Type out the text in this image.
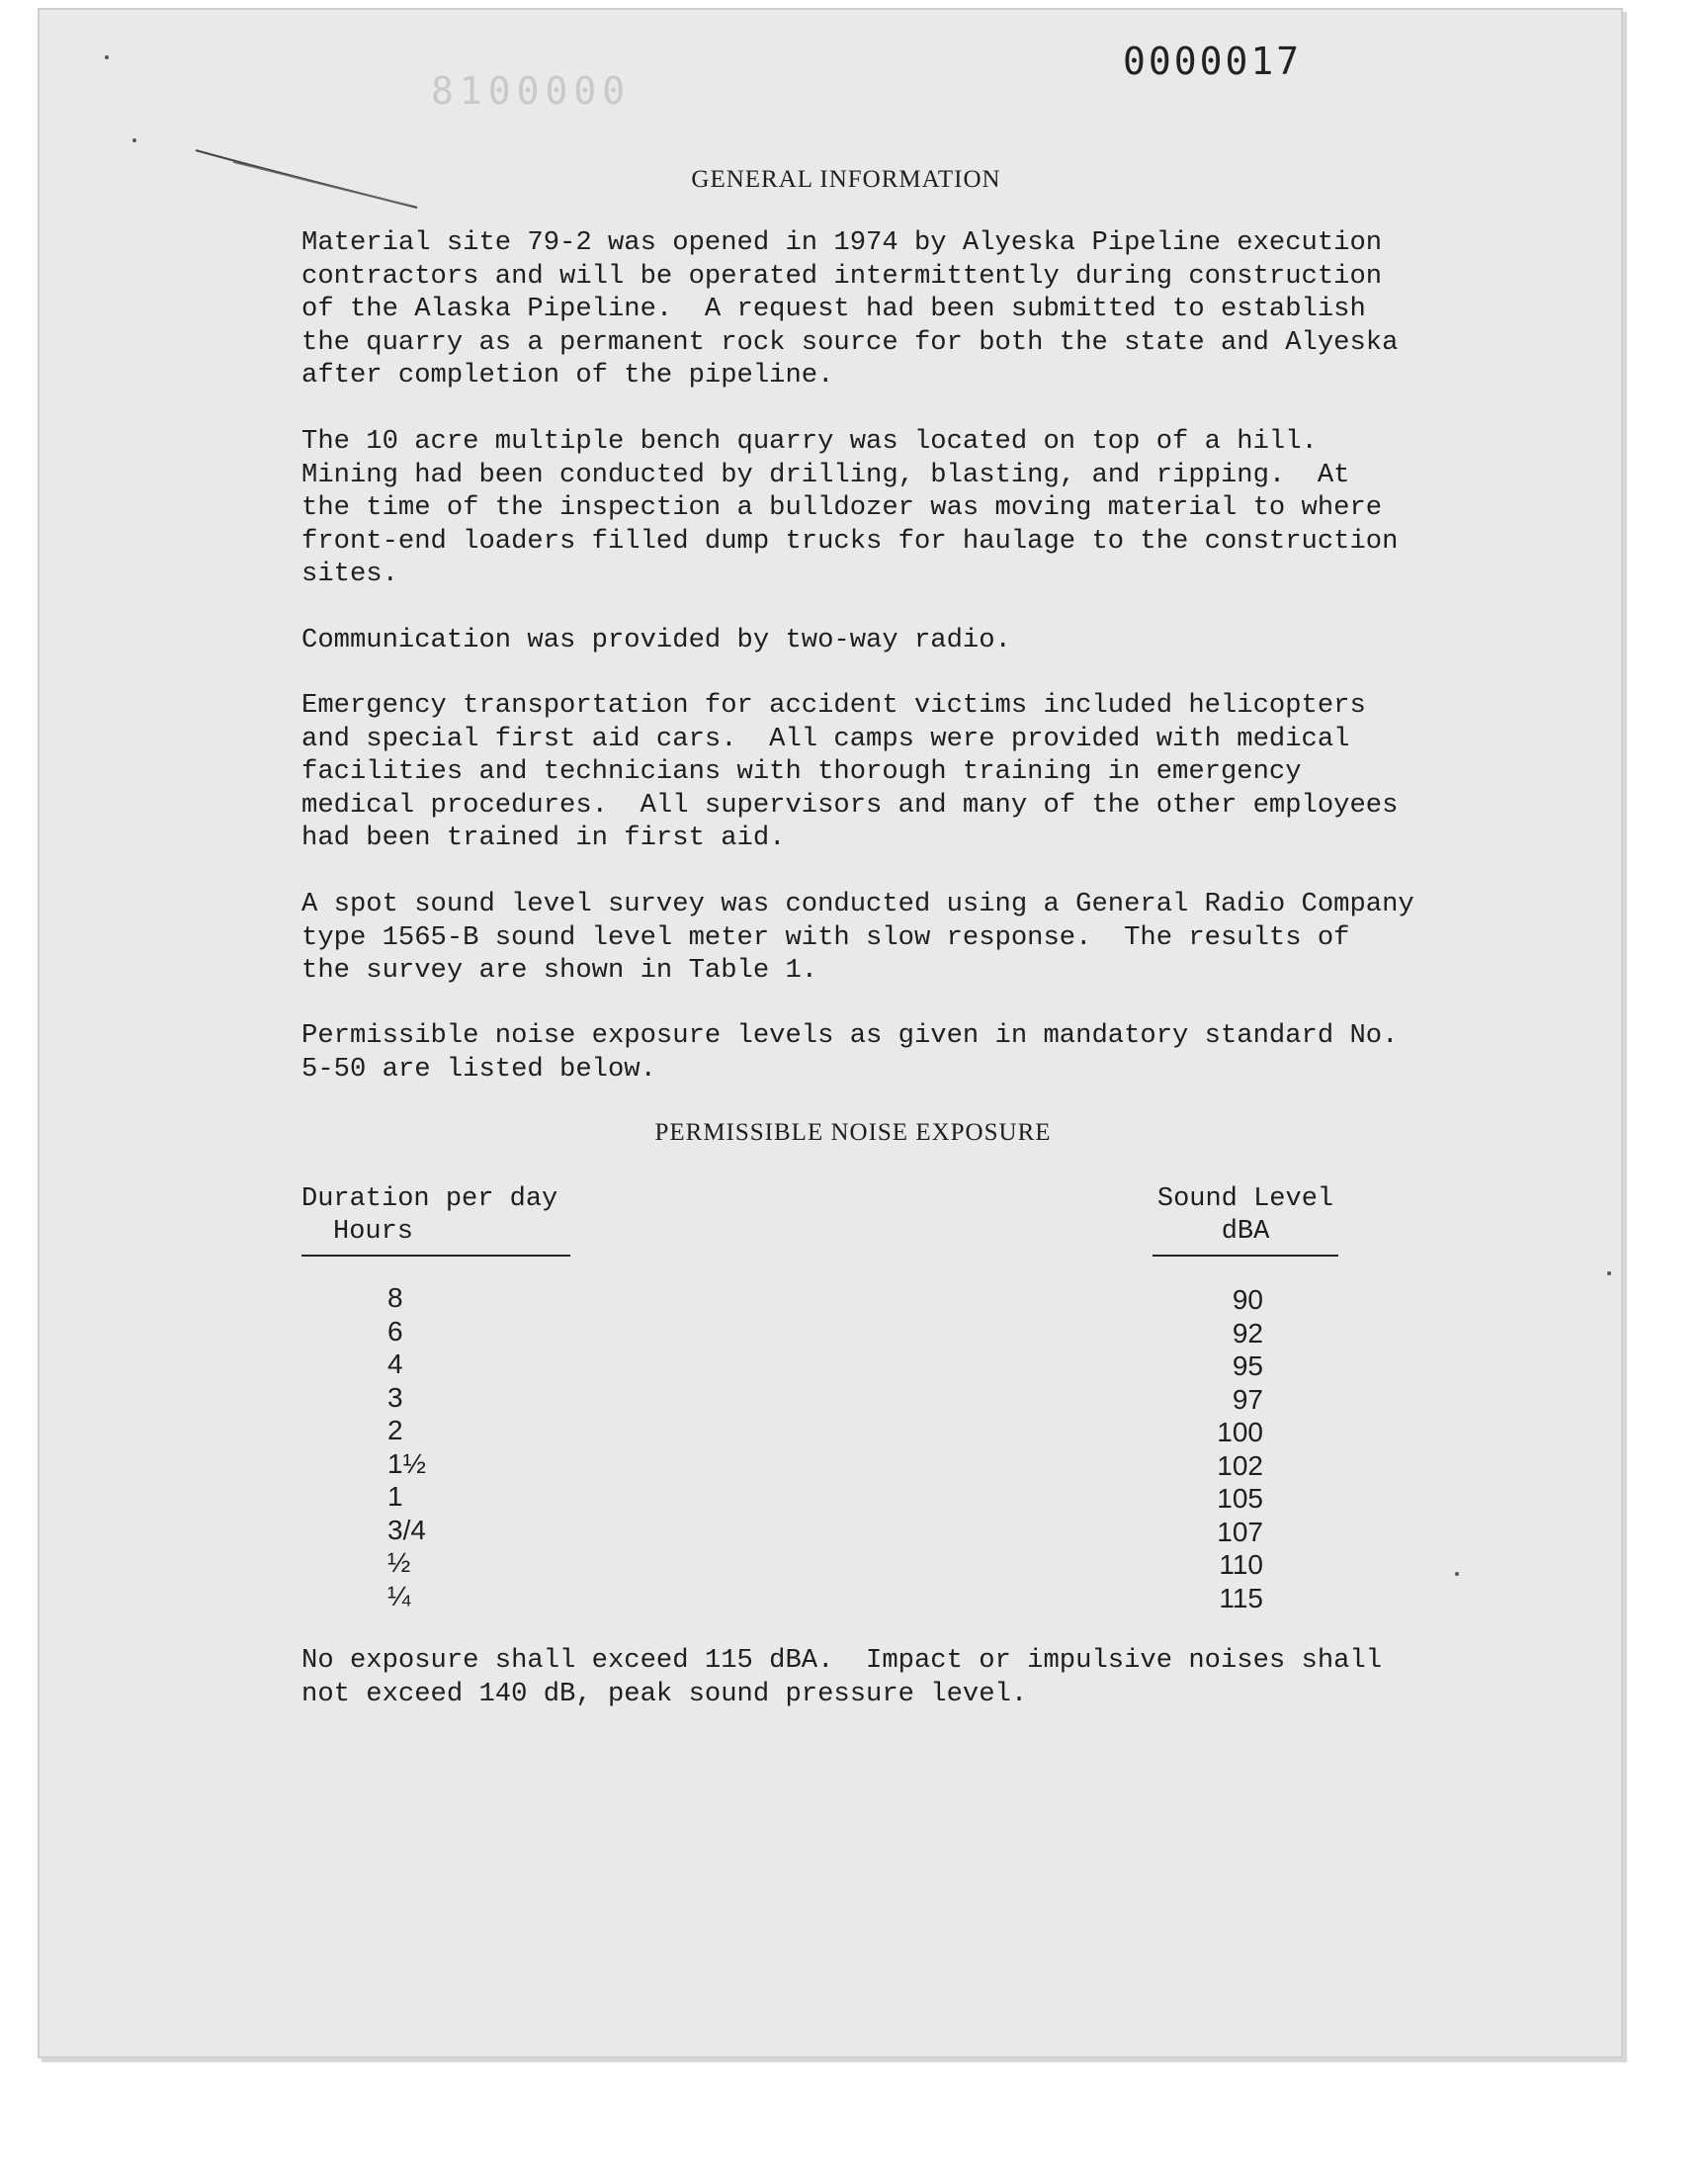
8100000
0000017
GENERAL INFORMATION
Material site 79-2 was opened in 1974 by Alyeska Pipeline execution
contractors and will be operated intermittently during construction
of the Alaska Pipeline.  A request had been submitted to establish
the quarry as a permanent rock source for both the state and Alyeska
after completion of the pipeline.
The 10 acre multiple bench quarry was located on top of a hill.
Mining had been conducted by drilling, blasting, and ripping.  At
the time of the inspection a bulldozer was moving material to where
front-end loaders filled dump trucks for haulage to the construction
sites.
Communication was provided by two-way radio.
Emergency transportation for accident victims included helicopters
and special first aid cars.  All camps were provided with medical
facilities and technicians with thorough training in emergency
medical procedures.  All supervisors and many of the other employees
had been trained in first aid.
A spot sound level survey was conducted using a General Radio Company
type 1565-B sound level meter with slow response.  The results of
the survey are shown in Table 1.
Permissible noise exposure levels as given in mandatory standard No.
5-50 are listed below.
PERMISSIBLE NOISE EXPOSURE
Duration per day
Hours
Sound Level
dBA
8
6
4
3
2
1½
1
3/4
½
¼
90
92
95
97
100
102
105
107
110
115
No exposure shall exceed 115 dBA.  Impact or impulsive noises shall
not exceed 140 dB, peak sound pressure level.
